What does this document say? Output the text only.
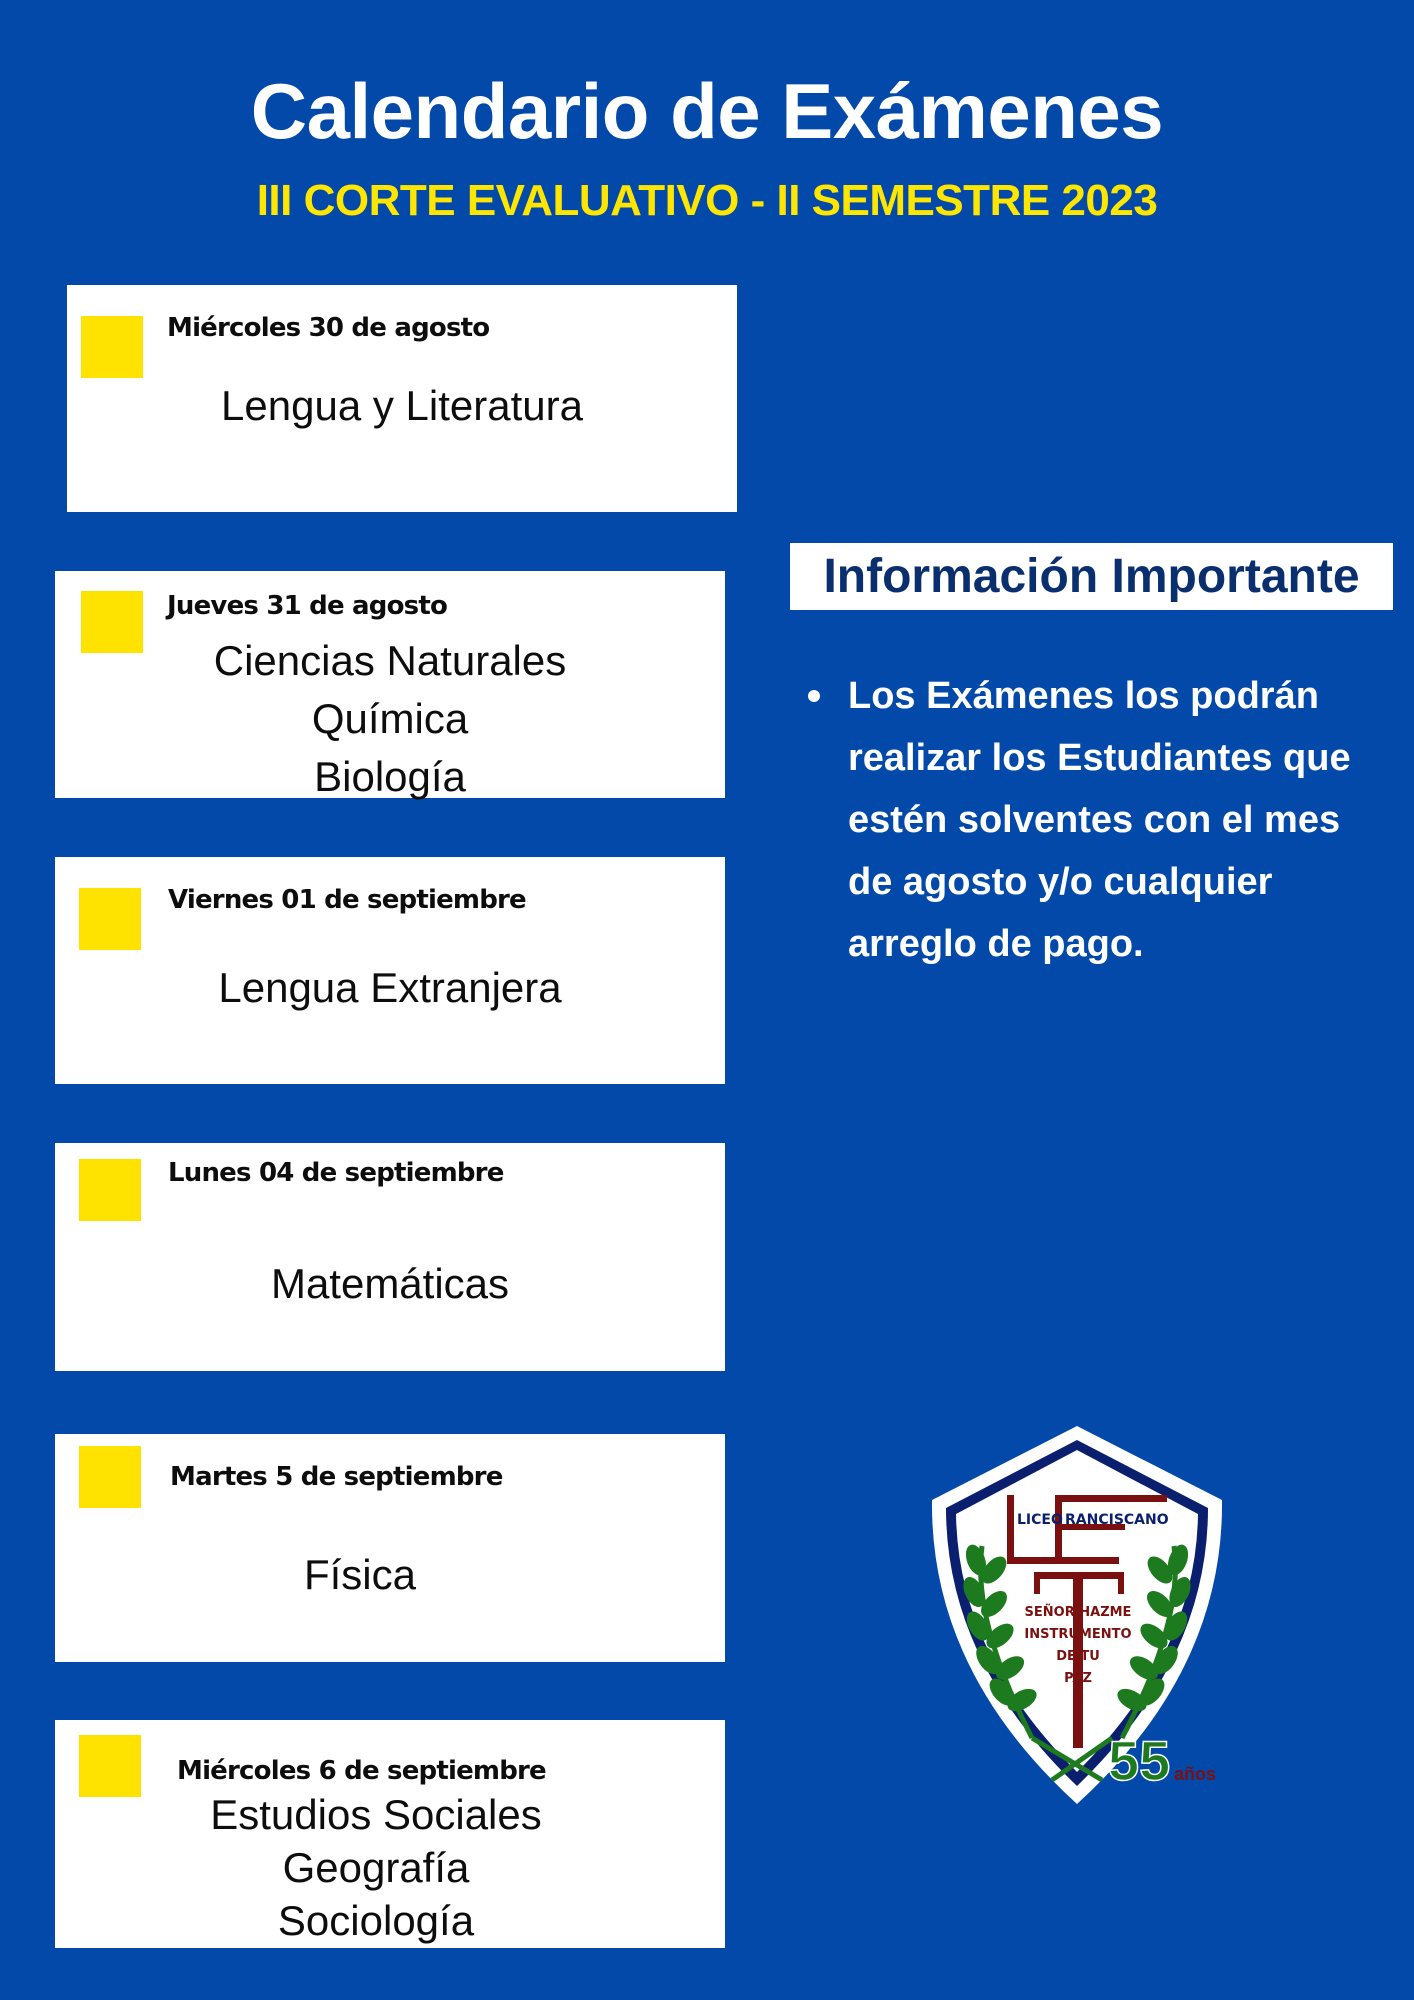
Calendario de Exámenes
III CORTE EVALUATIVO - II SEMESTRE 2023
Miércoles 30 de agosto
Lengua y Literatura
Jueves 31 de agosto
Ciencias Naturales
Química
Biología
Viernes 01 de septiembre
Lengua Extranjera
Lunes 04 de septiembre
Matemáticas
Martes 5 de septiembre
Física
Miércoles 6 de septiembre
Estudios Sociales
Geografía
Sociología
Información Importante
Los Exámenes los podrán
realizar los Estudiantes que
estén solventes con el mes
de agosto y/o cualquier
arreglo de pago.
LICEO RANCISCANO
SEÑOR HAZME
INSTRUMENTO
DE TU
PAZ
55 años
